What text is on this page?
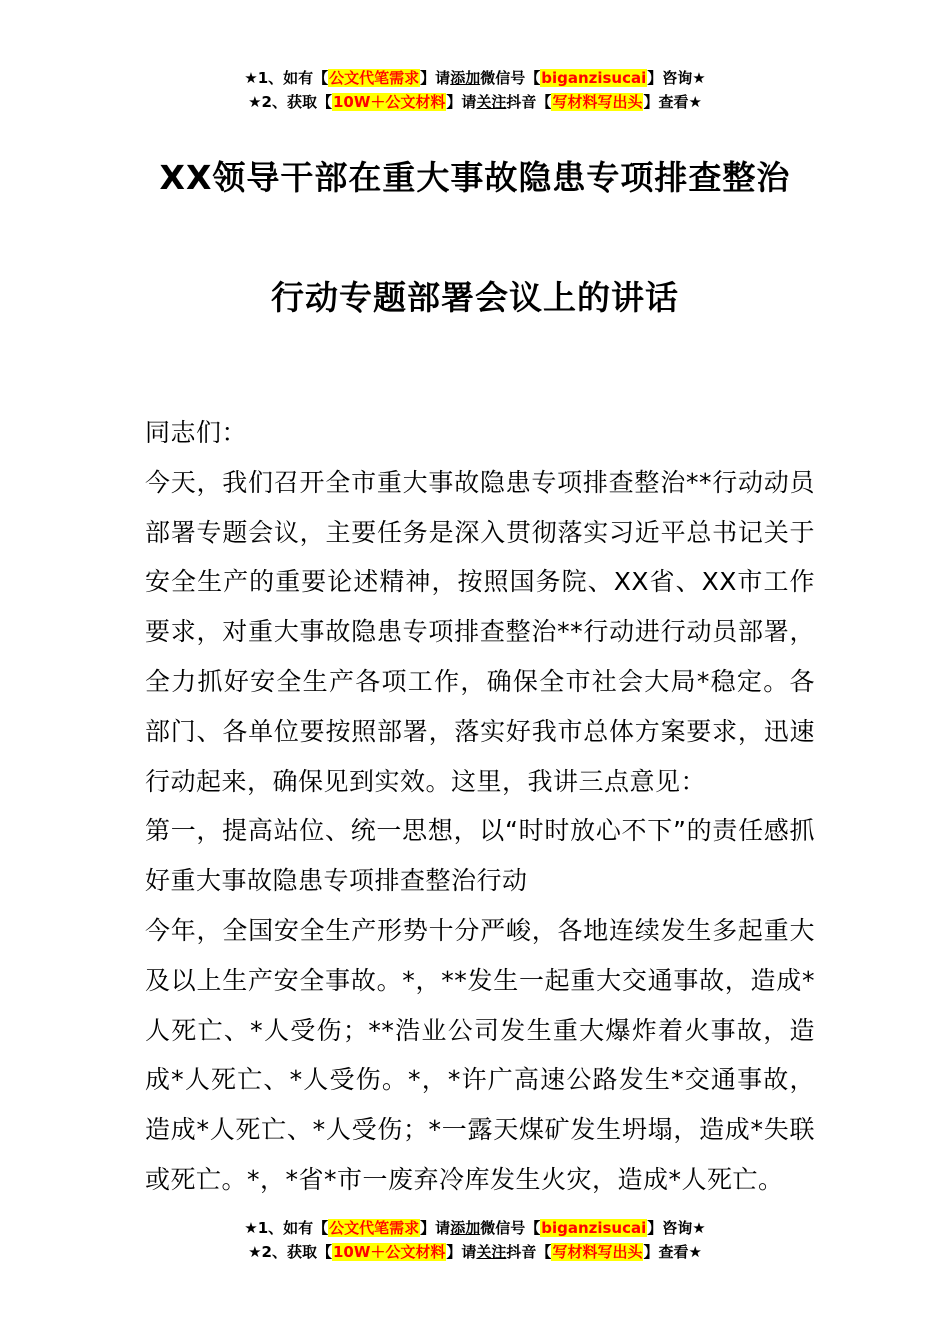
★1、如有【公文代笔需求】请添加微信号【biganzisucai】咨询★
★2、获取【10W＋公文材料】请关注抖音【写材料写出头】查看★
XX领导干部在重大事故隐患专项排查整治
行动专题部署会议上的讲话

同志们：

今天，我们召开全市重大事故隐患专项排查整治**行动动员部署专题会议，主要任务是深入贯彻落实习近平总书记关于安全生产的重要论述精神，按照国务院、XX省、XX市工作要求，对重大事故隐患专项排查整治**行动进行动员部署，全力抓好安全生产各项工作，确保全市社会大局*稳定。各部门、各单位要按照部署，落实好我市总体方案要求，迅速行动起来，确保见到实效。这里，我讲三点意见：

第一，提高站位、统一思想，以“时时放心不下”的责任感抓好重大事故隐患专项排查整治行动

今年，全国安全生产形势十分严峻，各地连续发生多起重大及以上生产安全事故。*，**发生一起重大交通事故，造成*人死亡、*人受伤；**浩业公司发生重大爆炸着火事故，造成*人死亡、*人受伤。*，*许广高速公路发生*交通事故，造成*人死亡、*人受伤；*一露天煤矿发生坍塌，造成*失联或死亡。*，*省*市一废弃冷库发生火灾，造成*人死亡。

★1、如有【公文代笔需求】请添加微信号【biganzisucai】咨询★
★2、获取【10W＋公文材料】请关注抖音【写材料写出头】查看★
